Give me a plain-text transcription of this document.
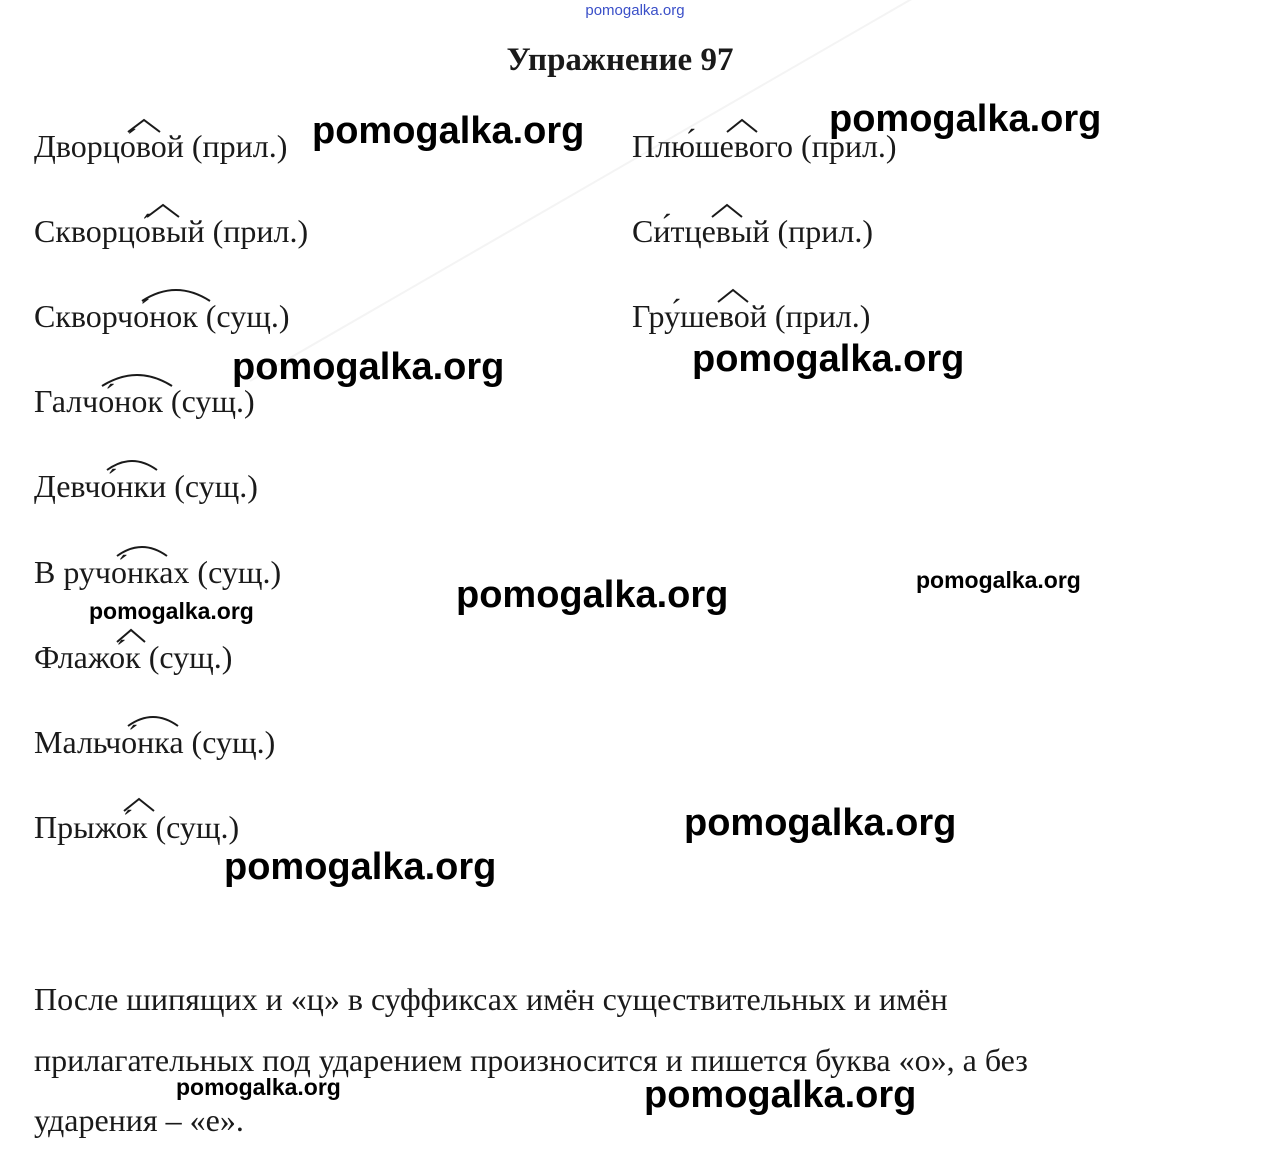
pomogalka.org
Упражнение 97
Дворцо́вой (прил.)
Скворцо́вый (прил.)
Скворчо́нок (сущ.)
Галчо́нок (сущ.)
Девчо́нки (сущ.)
В ручо́нках (сущ.)
Флажо́к (сущ.)
Мальчо́нка (сущ.)
Прыжо́к (сущ.)
Плю́шевого (прил.)
Си́тцевый (прил.)
Гру́шевой (прил.)
После шипящих и «ц» в суффиксах имён существительных и имён
прилагательных под ударением произносится и пишется буква «о», а без
ударения – «е».
pomogalka.org	pomogalka.org
pomogalka.org	pomogalka.org
pomogalka.org	pomogalka.org
pomogalka.org
pomogalka.org
pomogalka.org
pomogalka.org	pomogalka.org
